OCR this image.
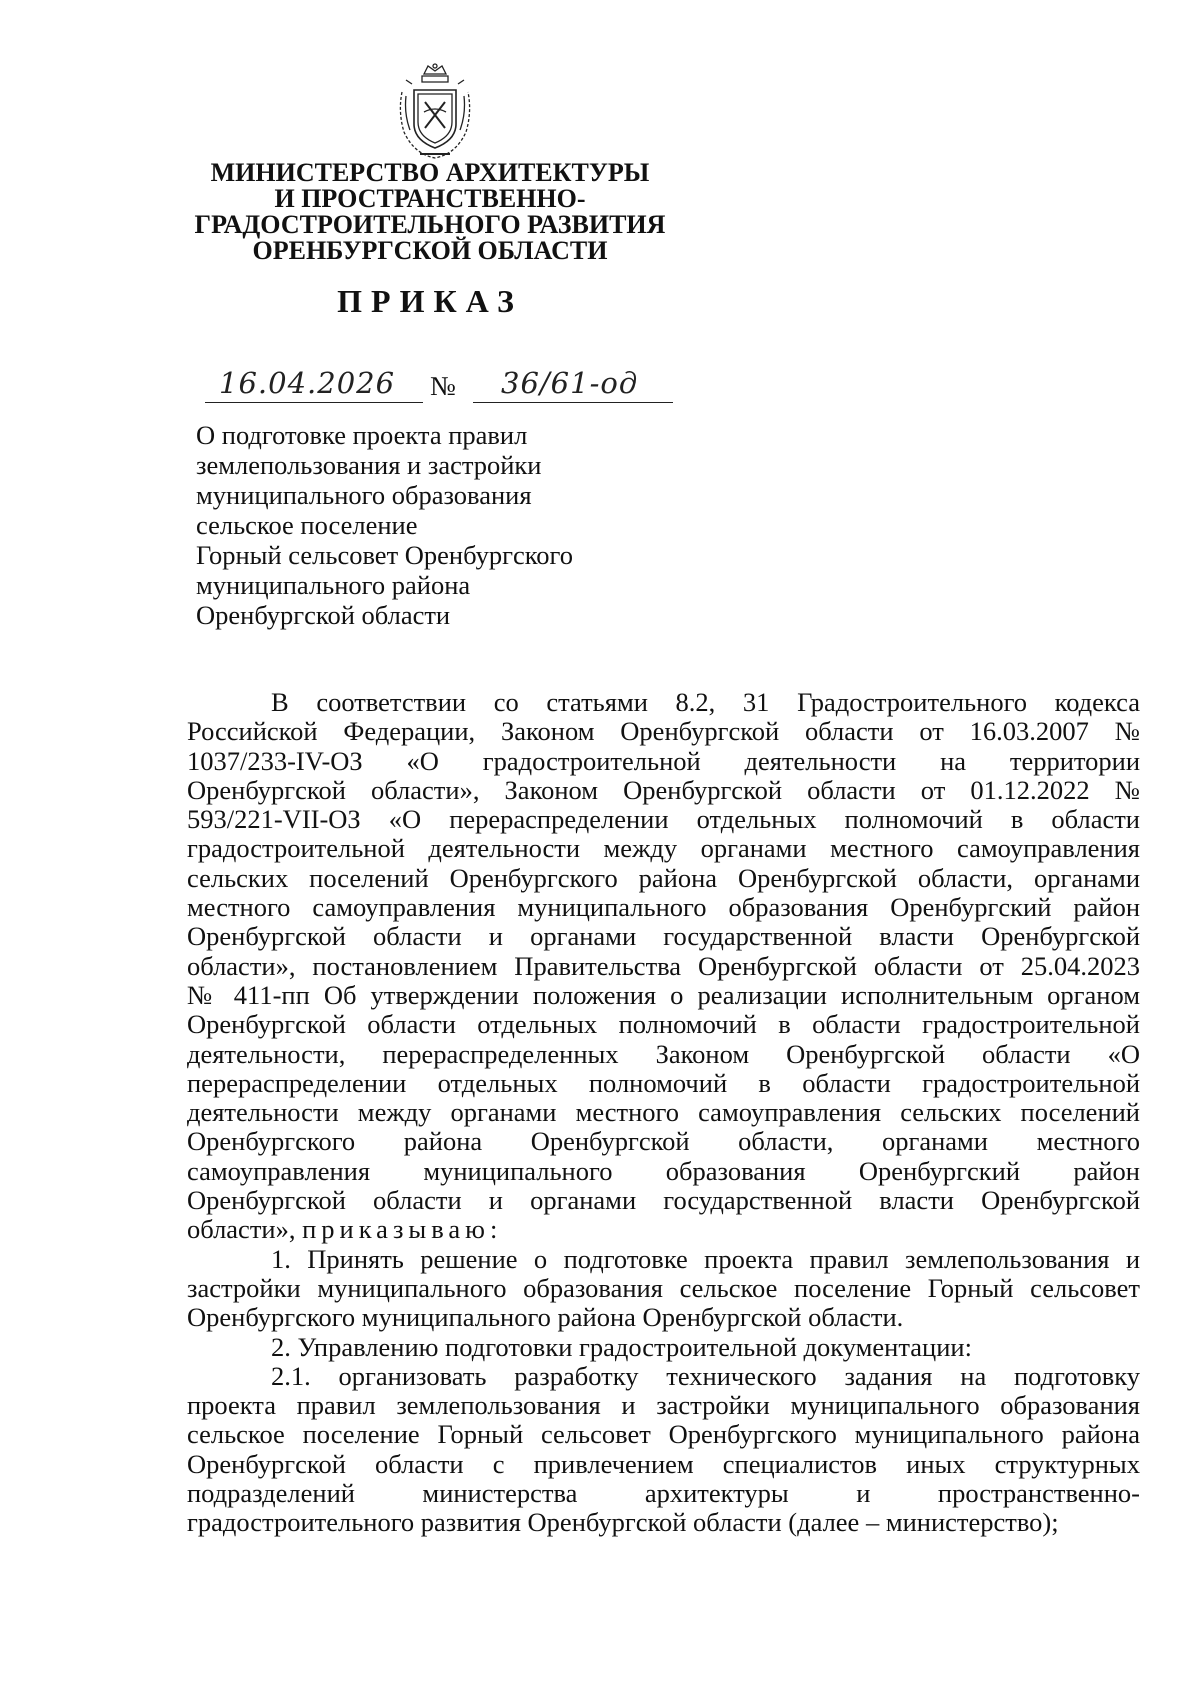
МИНИСТЕРСТВО АРХИТЕКТУРЫ
И ПРОСТРАНСТВЕННО-
ГРАДОСТРОИТЕЛЬНОГО РАЗВИТИЯ
ОРЕНБУРГСКОЙ ОБЛАСТИ
ПРИКАЗ
16.04.2026 № 36/61-од
О подготовке проекта правил
землепользования и застройки
муниципального образования
сельское поселение
Горный сельсовет Оренбургского
муниципального района
Оренбургской области
В соответствии со статьями 8.2, 31 Градостроительного кодекса
Российской Федерации, Законом Оренбургской области от 16.03.2007 №
1037/233-IV-ОЗ «О градостроительной деятельности на территории
Оренбургской области», Законом Оренбургской области от 01.12.2022 №
593/221-VII-ОЗ «О перераспределении отдельных полномочий в области
градостроительной деятельности между органами местного самоуправления
сельских поселений Оренбургского района Оренбургской области, органами
местного самоуправления муниципального образования Оренбургский район
Оренбургской области и органами государственной власти Оренбургской
области», постановлением Правительства Оренбургской области от 25.04.2023
№ 411-пп Об утверждении положения о реализации исполнительным органом
Оренбургской области отдельных полномочий в области градостроительной
деятельности, перераспределенных Законом Оренбургской области «О
перераспределении отдельных полномочий в области градостроительной
деятельности между органами местного самоуправления сельских поселений
Оренбургского района Оренбургской области, органами местного
самоуправления муниципального образования Оренбургский район
Оренбургской области и органами государственной власти Оренбургской
области», приказываю:
1. Принять решение о подготовке проекта правил землепользования и
застройки муниципального образования сельское поселение Горный сельсовет
Оренбургского муниципального района Оренбургской области.
2. Управлению подготовки градостроительной документации:
2.1. организовать разработку технического задания на подготовку
проекта правил землепользования и застройки муниципального образования
сельское поселение Горный сельсовет Оренбургского муниципального района
Оренбургской области с привлечением специалистов иных структурных
подразделений министерства архитектуры и пространственно-
градостроительного развития Оренбургской области (далее – министерство);
